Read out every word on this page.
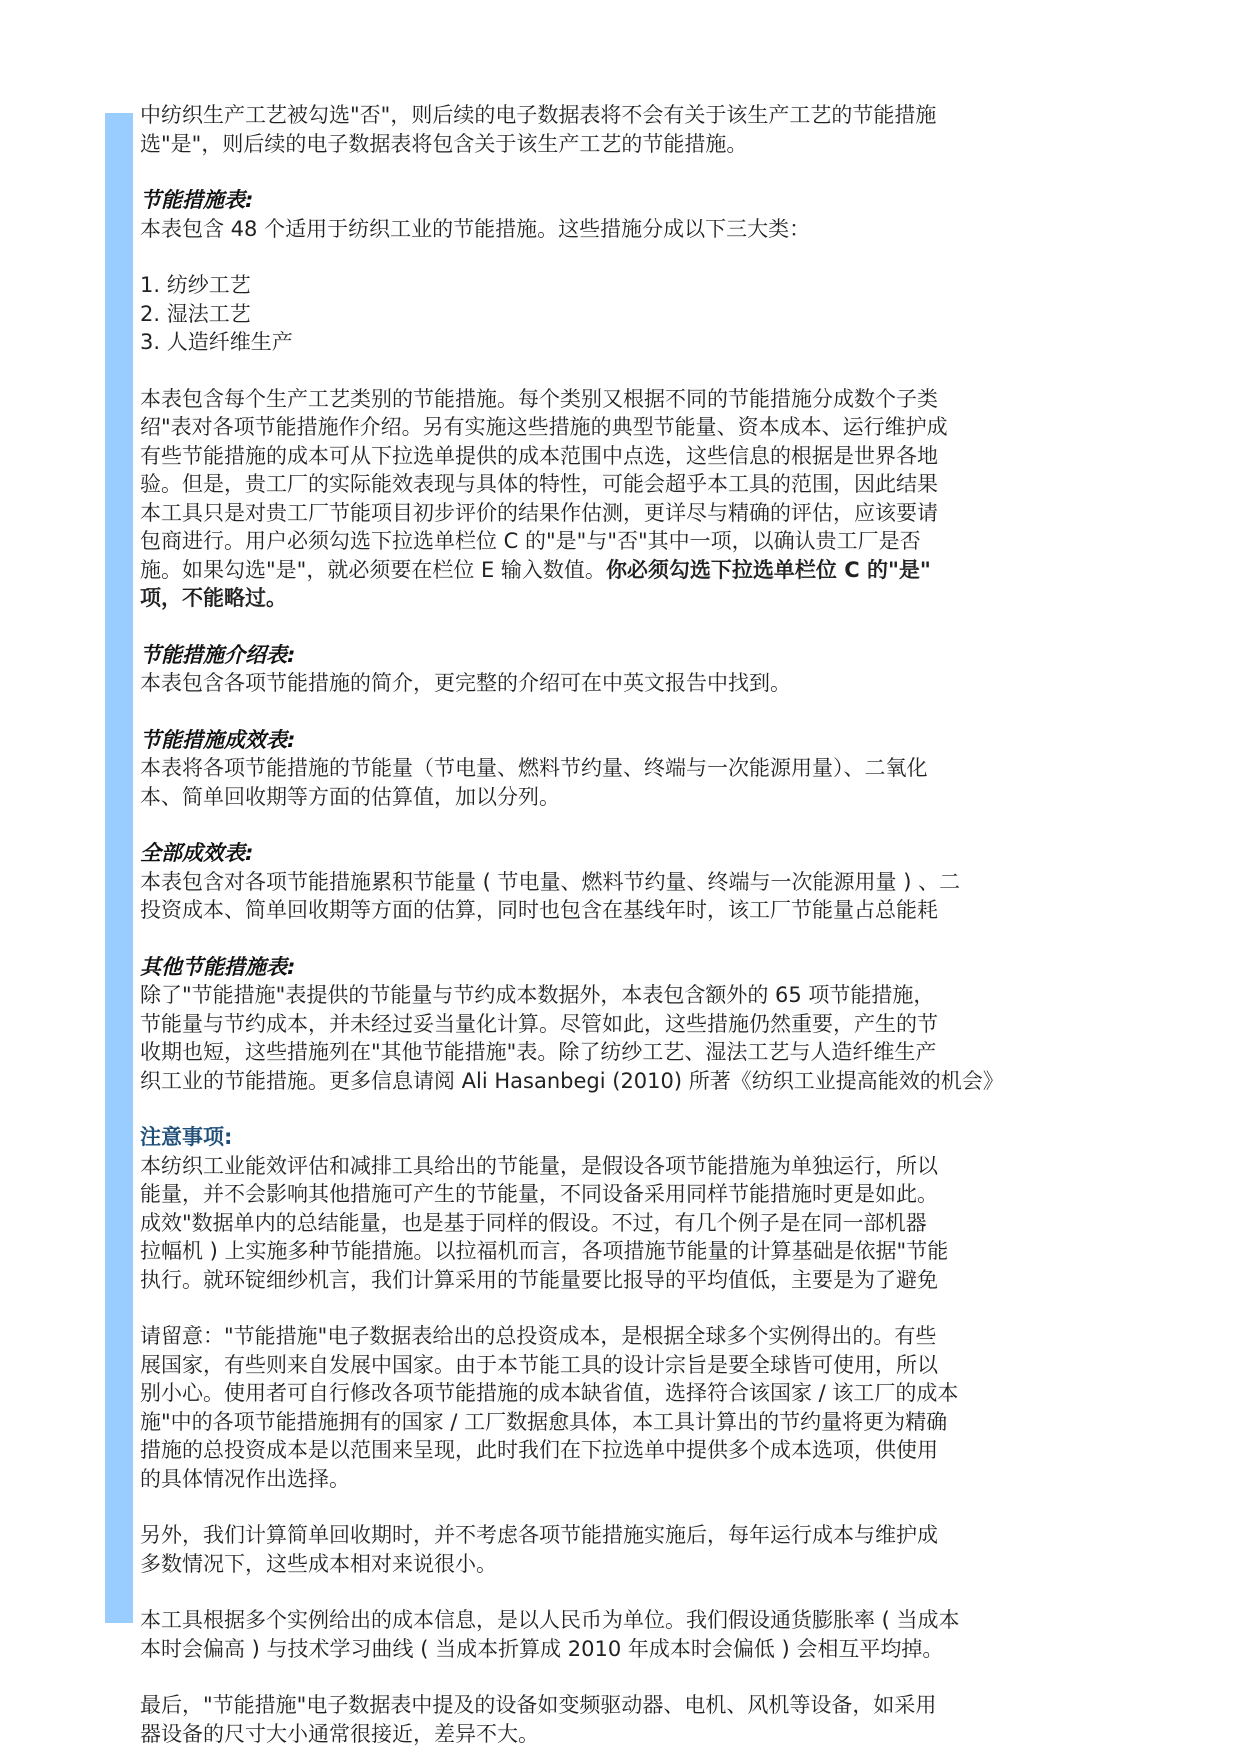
中纺织生产工艺被勾选"否"，则后续的电子数据表将不会有关于该生产工艺的节能措施
选"是"，则后续的电子数据表将包含关于该生产工艺的节能措施。
节能措施表:
本表包含 48 个适用于纺织工业的节能措施。这些措施分成以下三大类：
1. 纺纱工艺
2. 湿法工艺
3. 人造纤维生产
本表包含每个生产工艺类别的节能措施。每个类别又根据不同的节能措施分成数个子类
绍"表对各项节能措施作介绍。另有实施这些措施的典型节能量、资本成本、运行维护成
有些节能措施的成本可从下拉选单提供的成本范围中点选，这些信息的根据是世界各地
验。但是，贵工厂的实际能效表现与具体的特性，可能会超乎本工具的范围，因此结果
本工具只是对贵工厂节能项目初步评价的结果作估测，更详尽与精确的评估，应该要请
包商进行。用户必须勾选下拉选单栏位 C 的"是"与"否"其中一项，以确认贵工厂是否
施。如果勾选"是"，就必须要在栏位 E 输入数值。你必须勾选下拉选单栏位 C 的"是"
项，不能略过。
节能措施介绍表:
本表包含各项节能措施的简介，更完整的介绍可在中英文报告中找到。
节能措施成效表:
本表将各项节能措施的节能量（节电量、燃料节约量、终端与一次能源用量）、二氧化
本、简单回收期等方面的估算值，加以分列。
全部成效表:
本表包含对各项节能措施累积节能量 ( 节电量、燃料节约量、终端与一次能源用量 ) 、二
投资成本、简单回收期等方面的估算，同时也包含在基线年时，该工厂节能量占总能耗
其他节能措施表:
除了"节能措施"表提供的节能量与节约成本数据外，本表包含额外的 65 项节能措施，
节能量与节约成本，并未经过妥当量化计算。尽管如此，这些措施仍然重要，产生的节
收期也短，这些措施列在"其他节能措施"表。除了纺纱工艺、湿法工艺与人造纤维生产
织工业的节能措施。更多信息请阅 Ali Hasanbegi (2010) 所著《纺织工业提高能效的机会》
注意事项:
本纺织工业能效评估和减排工具给出的节能量，是假设各项节能措施为单独运行，所以
能量，并不会影响其他措施可产生的节能量，不同设备采用同样节能措施时更是如此。
成效"数据单内的总结能量，也是基于同样的假设。不过，有几个例子是在同一部机器
拉幅机 ) 上实施多种节能措施。以拉福机而言，各项措施节能量的计算基础是依据"节能
执行。就环锭细纱机言，我们计算采用的节能量要比报导的平均值低，主要是为了避免
请留意："节能措施"电子数据表给出的总投资成本，是根据全球多个实例得出的。有些
展国家，有些则来自发展中国家。由于本节能工具的设计宗旨是要全球皆可使用，所以
别小心。使用者可自行修改各项节能措施的成本缺省值，选择符合该国家 / 该工厂的成本
施"中的各项节能措施拥有的国家 / 工厂数据愈具体，本工具计算出的节约量将更为精确
措施的总投资成本是以范围来呈现，此时我们在下拉选单中提供多个成本选项，供使用
的具体情况作出选择。
另外，我们计算简单回收期时，并不考虑各项节能措施实施后，每年运行成本与维护成
多数情况下，这些成本相对来说很小。
本工具根据多个实例给出的成本信息，是以人民币为单位。我们假设通货膨胀率 ( 当成本
本时会偏高 ) 与技术学习曲线 ( 当成本折算成 2010 年成本时会偏低 ) 会相互平均掉。
最后，"节能措施"电子数据表中提及的设备如变频驱动器、电机、风机等设备，如采用
器设备的尺寸大小通常很接近，差异不大。
